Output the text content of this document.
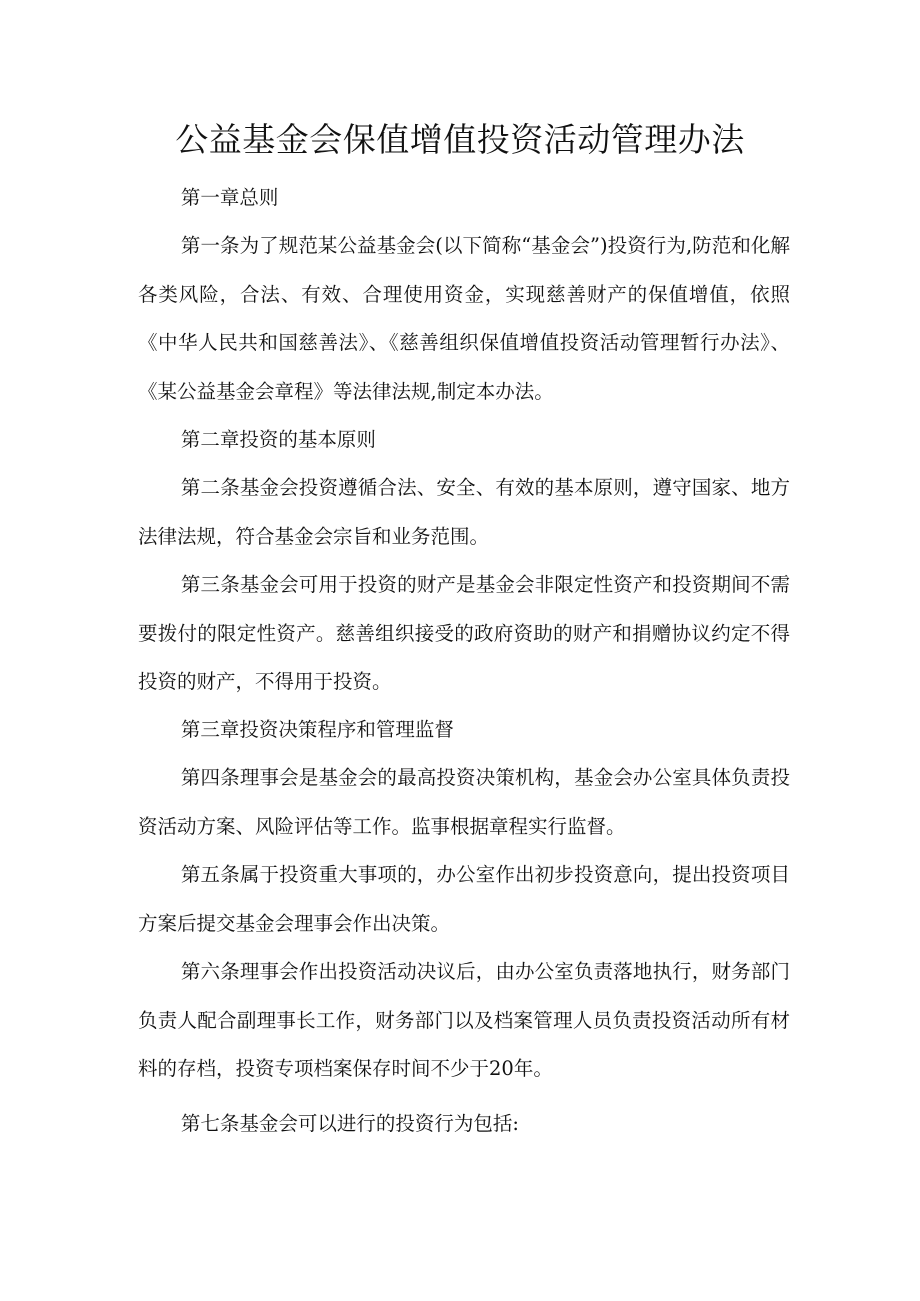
公益基金会保值增值投资活动管理办法

第一章总则

第一条为了规范某公益基金会(以下简称“基金会”)投资行为,防范和化解各类风险，合法、有效、合理使用资金，实现慈善财产的保值增值，依照《中华人民共和国慈善法》、《慈善组织保值增值投资活动管理暂行办法》、《某公益基金会章程》等法律法规,制定本办法。

第二章投资的基本原则

第二条基金会投资遵循合法、安全、有效的基本原则，遵守国家、地方法律法规，符合基金会宗旨和业务范围。

第三条基金会可用于投资的财产是基金会非限定性资产和投资期间不需要拨付的限定性资产。慈善组织接受的政府资助的财产和捐赠协议约定不得投资的财产，不得用于投资。

第三章投资决策程序和管理监督

第四条理事会是基金会的最高投资决策机构，基金会办公室具体负责投资活动方案、风险评估等工作。监事根据章程实行监督。

第五条属于投资重大事项的，办公室作出初步投资意向，提出投资项目方案后提交基金会理事会作出决策。

第六条理事会作出投资活动决议后，由办公室负责落地执行，财务部门负责人配合副理事长工作，财务部门以及档案管理人员负责投资活动所有材料的存档，投资专项档案保存时间不少于20年。

第七条基金会可以进行的投资行为包括:
